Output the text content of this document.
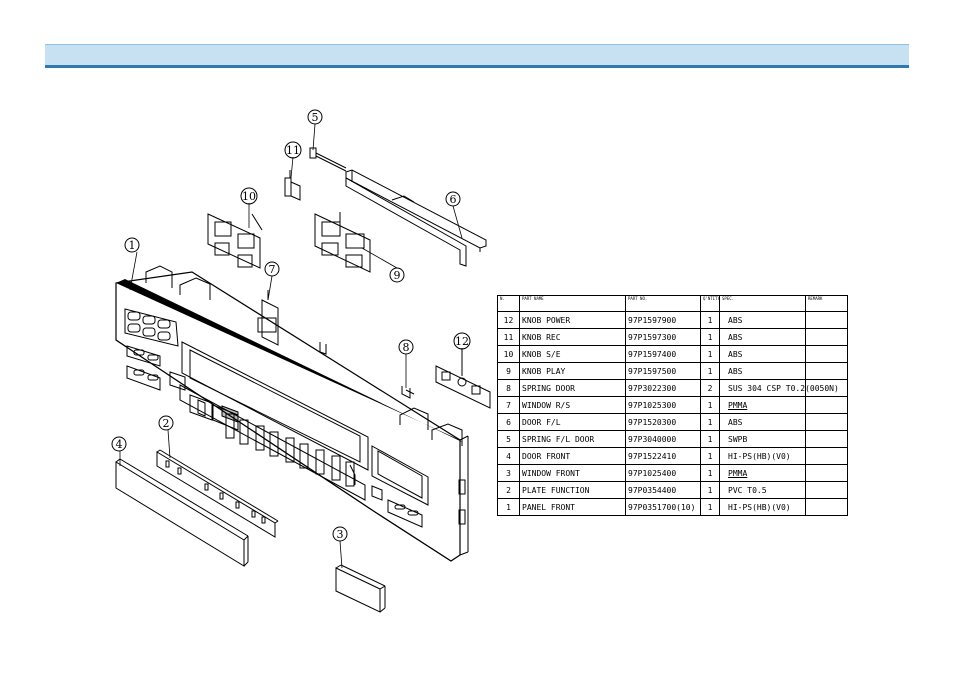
1
2
3
4
5
6
7
8
9
10
11
12
N.	PART NAME	PART NO.	Q'NTITY	SPEC.	REMARK
12	KNOB POWER	97P1597900	1	ABS	
11	KNOB REC	97P1597300	1	ABS	
10	KNOB S/E	97P1597400	1	ABS	
9	KNOB PLAY	97P1597500	1	ABS	
8	SPRING DOOR	97P3022300	2	SUS 304 CSP T0.2(0050N)	
7	WINDOW R/S	97P1025300	1	PMMA	
6	DOOR F/L	97P1520300	1	ABS	
5	SPRING F/L DOOR	97P3040000	1	SWPB	
4	DOOR FRONT	97P1522410	1	HI-PS(HB)(V0)	
3	WINDOW FRONT	97P1025400	1	PMMA	
2	PLATE FUNCTION	97P0354400	1	PVC T0.5	
1	PANEL FRONT	97P0351700(10)	1	HI-PS(HB)(V0)	
